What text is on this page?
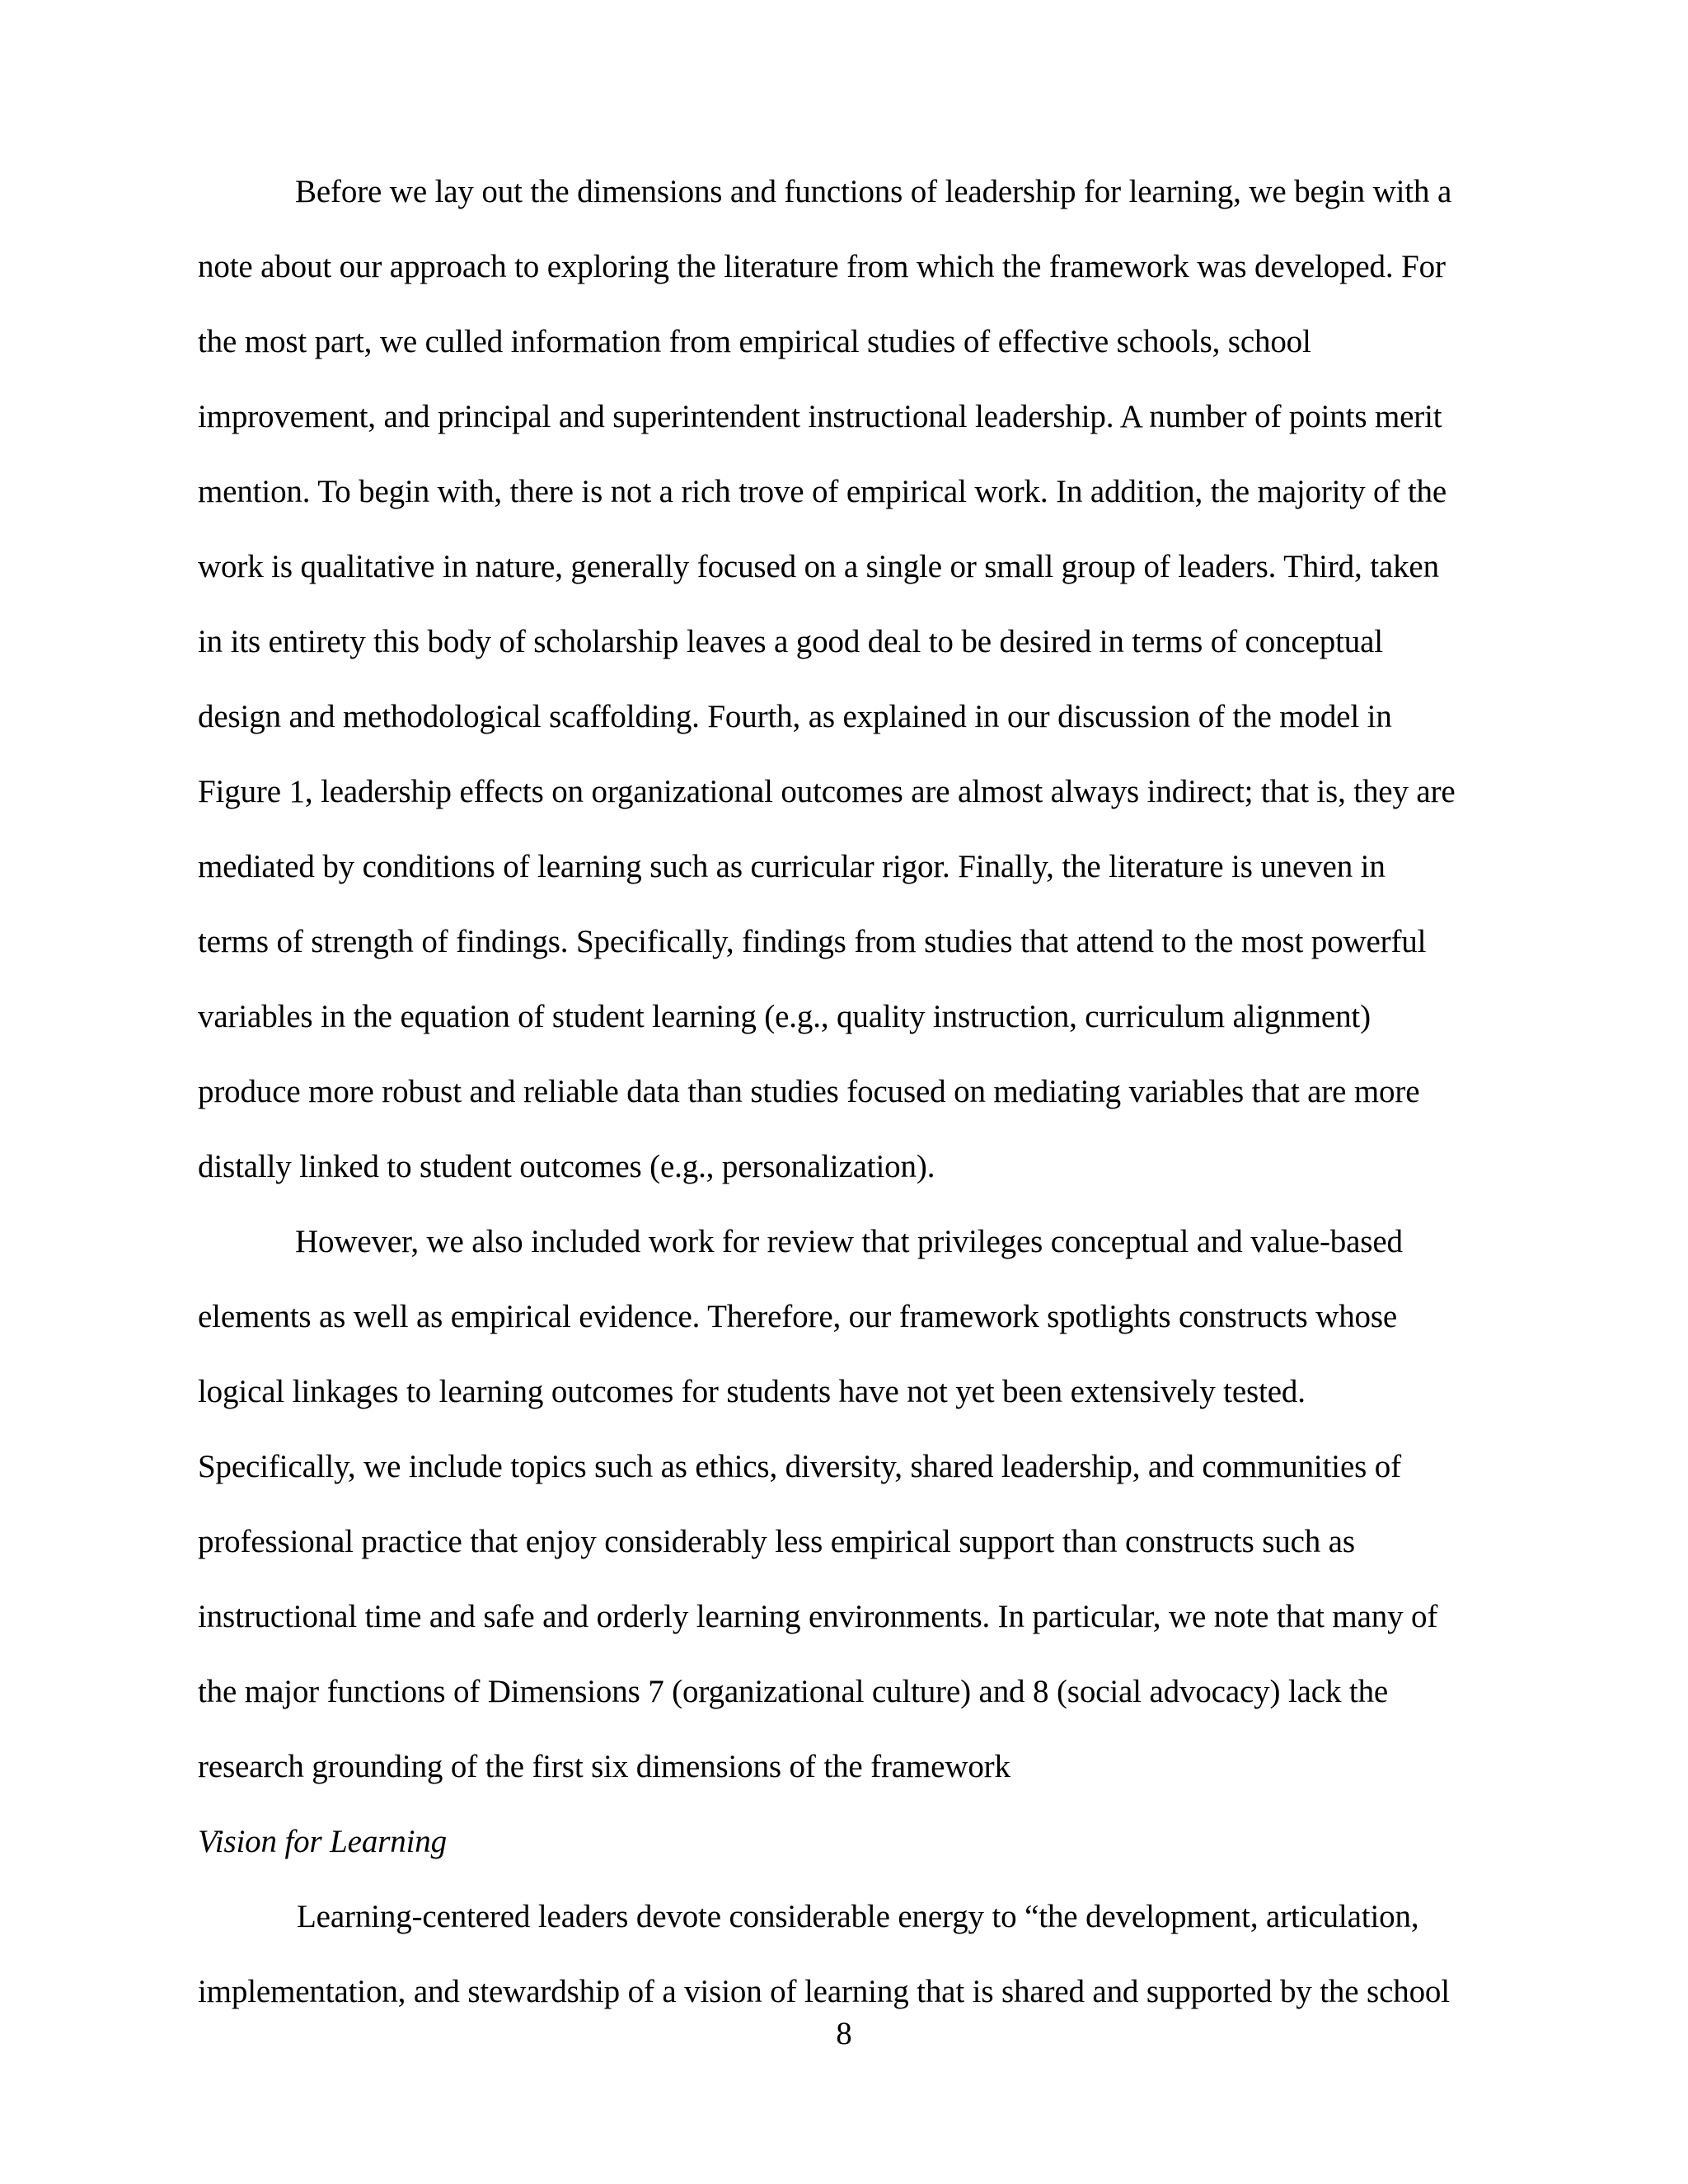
Before we lay out the dimensions and functions of leadership for learning, we begin with a
note about our approach to exploring the literature from which the framework was developed. For
the most part, we culled information from empirical studies of effective schools, school
improvement, and principal and superintendent instructional leadership. A number of points merit
mention. To begin with, there is not a rich trove of empirical work. In addition, the majority of the
work is qualitative in nature, generally focused on a single or small group of leaders. Third, taken
in its entirety this body of scholarship leaves a good deal to be desired in terms of conceptual
design and methodological scaffolding. Fourth, as explained in our discussion of the model in
Figure 1, leadership effects on organizational outcomes are almost always indirect; that is, they are
mediated by conditions of learning such as curricular rigor. Finally, the literature is uneven in
terms of strength of findings. Specifically, findings from studies that attend to the most powerful
variables in the equation of student learning (e.g., quality instruction, curriculum alignment)
produce more robust and reliable data than studies focused on mediating variables that are more
distally linked to student outcomes (e.g., personalization).
However, we also included work for review that privileges conceptual and value-based
elements as well as empirical evidence. Therefore, our framework spotlights constructs whose
logical linkages to learning outcomes for students have not yet been extensively tested.
Specifically, we include topics such as ethics, diversity, shared leadership, and communities of
professional practice that enjoy considerably less empirical support than constructs such as
instructional time and safe and orderly learning environments. In particular, we note that many of
the major functions of Dimensions 7 (organizational culture) and 8 (social advocacy) lack the
research grounding of the first six dimensions of the framework
Vision for Learning
Learning-centered leaders devote considerable energy to “the development, articulation,
implementation, and stewardship of a vision of learning that is shared and supported by the school
8
